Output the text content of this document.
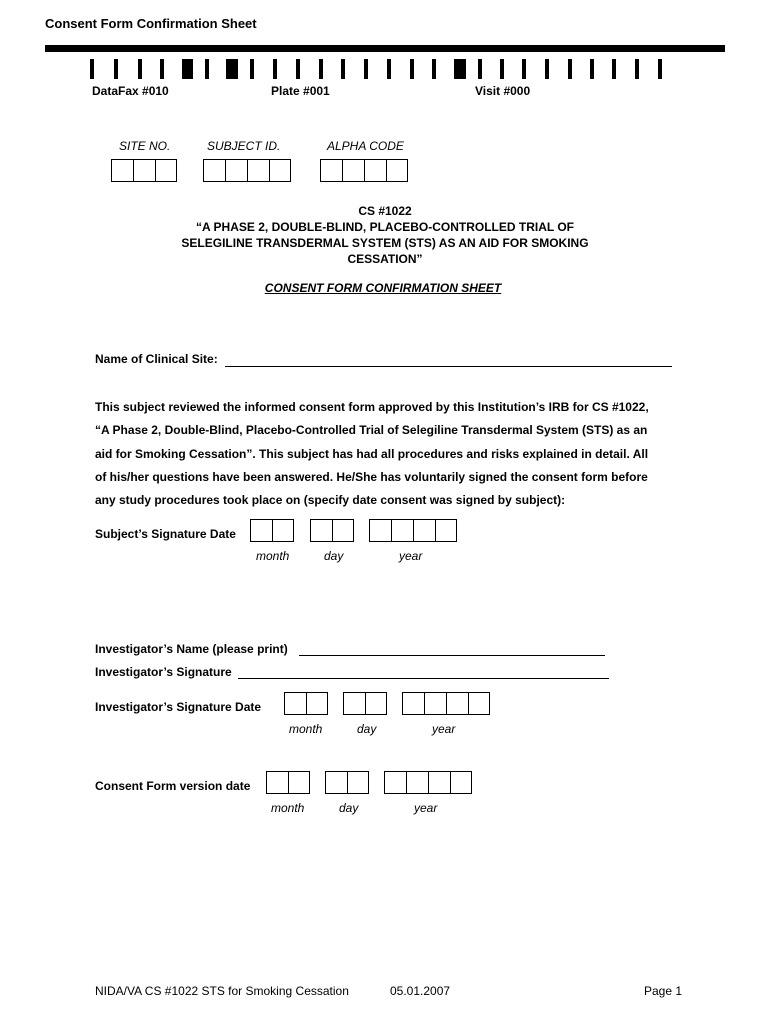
Consent Form Confirmation Sheet
DataFax #010	Plate #001	Visit #000
SITE NO.	SUBJECT ID.	ALPHA CODE
CS #1022
“A PHASE 2, DOUBLE-BLIND, PLACEBO-CONTROLLED TRIAL OF
SELEGILINE TRANSDERMAL SYSTEM (STS) AS AN AID FOR SMOKING
CESSATION”
CONSENT FORM CONFIRMATION SHEET
Name of Clinical Site:
This subject reviewed the informed consent form approved by this Institution’s IRB for CS #1022,
“A Phase 2, Double-Blind, Placebo-Controlled Trial of Selegiline Transdermal System (STS) as an
aid for Smoking Cessation”. This subject has had all procedures and risks explained in detail. All
of his/her questions have been answered. He/She has voluntarily signed the consent form before
any study procedures took place on (specify date consent was signed by subject):
Subject’s Signature Date
month	day	year
Investigator’s Name (please print)
Investigator’s Signature
Investigator’s Signature Date
month	day	year
Consent Form version date
month	day	year
NIDA/VA CS #1022 STS for Smoking Cessation	05.01.2007	Page 1
